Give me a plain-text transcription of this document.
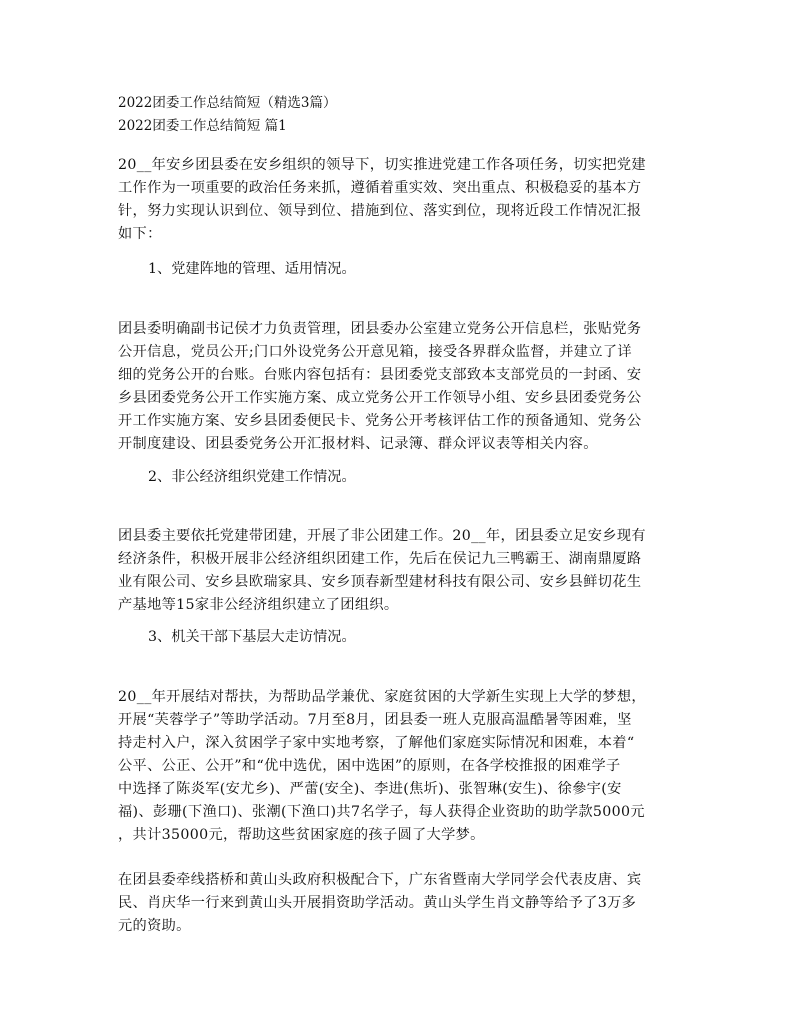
2022团委工作总结简短（精选3篇）
2022团委工作总结简短 篇1
20__年安乡团县委在安乡组织的领导下，切实推进党建工作各项任务，切实把党建
工作作为一项重要的政治任务来抓，遵循着重实效、突出重点、积极稳妥的基本方
针，努力实现认识到位、领导到位、措施到位、落实到位，现将近段工作情况汇报
如下：
1、党建阵地的管理、适用情况。
团县委明确副书记侯才力负责管理，团县委办公室建立党务公开信息栏，张贴党务
公开信息，党员公开;门口外设党务公开意见箱，接受各界群众监督，并建立了详
细的党务公开的台账。台账内容包括有：县团委党支部致本支部党员的一封函、安
乡县团委党务公开工作实施方案、成立党务公开工作领导小组、安乡县团委党务公
开工作实施方案、安乡县团委便民卡、党务公开考核评估工作的预备通知、党务公
开制度建设、团县委党务公开汇报材料、记录簿、群众评议表等相关内容。
2、非公经济组织党建工作情况。
团县委主要依托党建带团建，开展了非公团建工作。20__年，团县委立足安乡现有
经济条件，积极开展非公经济组织团建工作，先后在侯记九三鸭霸王、湖南鼎厦路
业有限公司、安乡县欧瑞家具、安乡顶春新型建材科技有限公司、安乡县鲜切花生
产基地等15家非公经济组织建立了团组织。
3、机关干部下基层大走访情况。
20__年开展结对帮扶，为帮助品学兼优、家庭贫困的大学新生实现上大学的梦想，
开展“芙蓉学子”等助学活动。7月至8月，团县委一班人克服高温酷暑等困难，坚
持走村入户，深入贫困学子家中实地考察，了解他们家庭实际情况和困难，本着“
公平、公正、公开”和“优中选优，困中选困”的原则，在各学校推报的困难学子
中选择了陈炎军(安尤乡)、严蕾(安全)、李进(焦圻)、张智琳(安生)、徐參宇(安
福)、彭珊(下渔口)、张潮(下渔口)共7名学子，每人获得企业资助的助学款5000元
，共计35000元，帮助这些贫困家庭的孩子圆了大学梦。
在团县委牵线搭桥和黄山头政府积极配合下，广东省暨南大学同学会代表皮唐、宾
民、肖庆华一行来到黄山头开展捐资助学活动。黄山头学生肖文静等给予了3万多
元的资助。
